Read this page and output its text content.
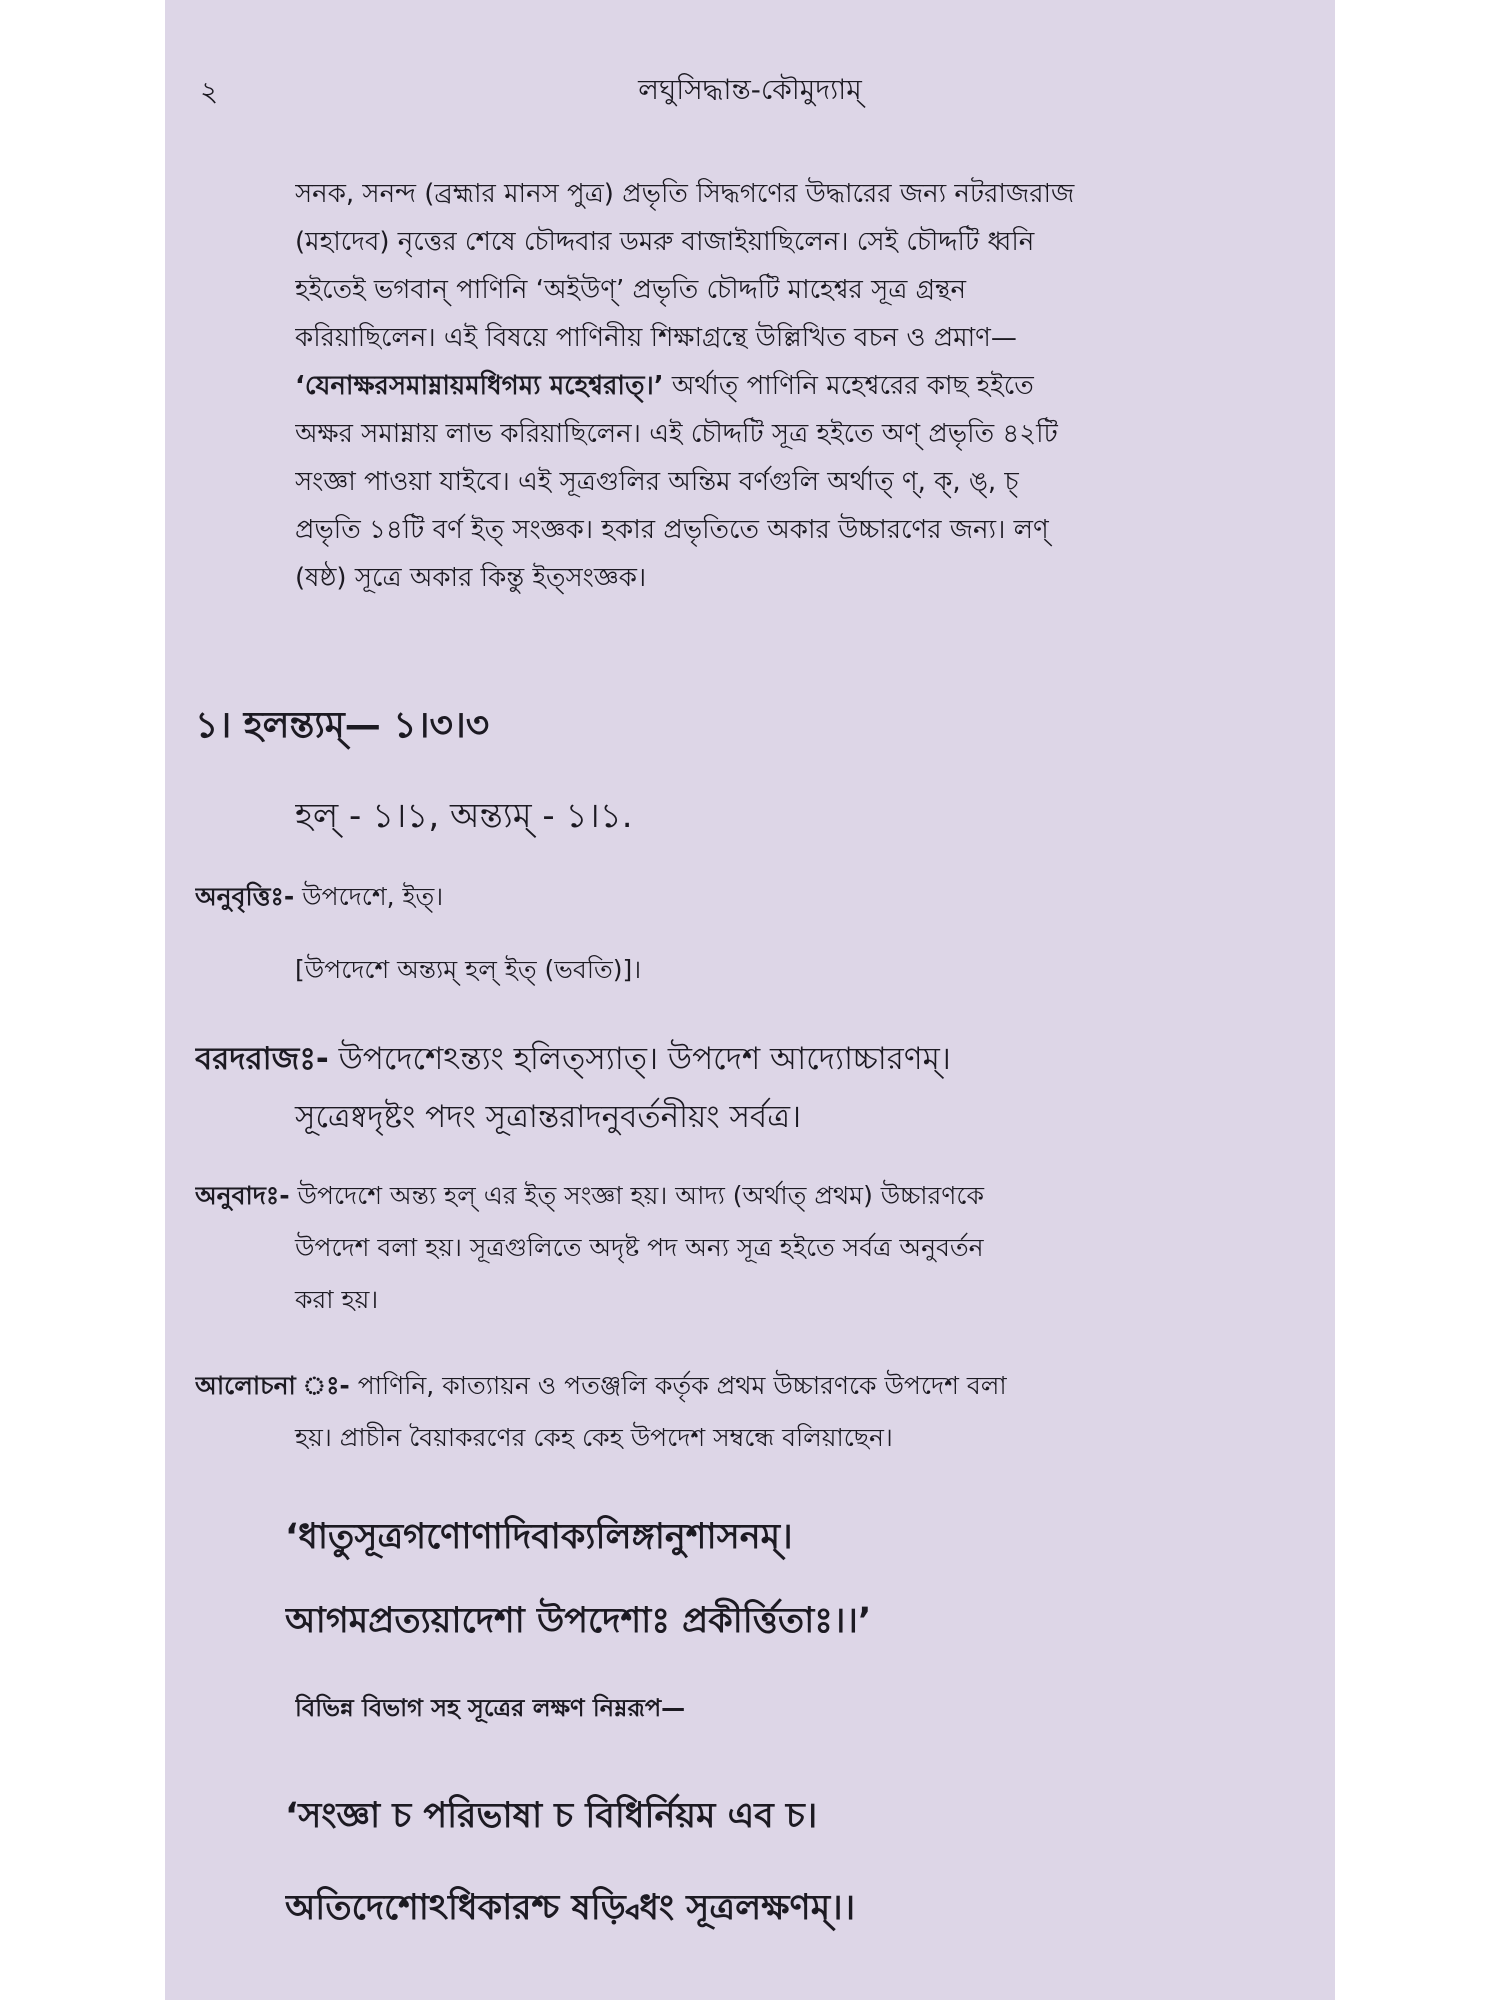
২	লঘুসিদ্ধান্ত-কৌমুদ্যাম্
সনক, সনন্দ (ব্রহ্মার মানস পুত্র) প্রভৃতি সিদ্ধগণের উদ্ধারের জন্য নটরাজরাজ
(মহাদেব) নৃত্তের শেষে চৌদ্দবার ডমরু বাজাইয়াছিলেন। সেই চৌদ্দটি ধ্বনি
হইতেই ভগবান্ পাণিনি ‘অইউণ্’ প্রভৃতি চৌদ্দটি মাহেশ্বর সূত্র গ্রন্থন
করিয়াছিলেন। এই বিষয়ে পাণিনীয় শিক্ষাগ্রন্থে উল্লিখিত বচন ও প্রমাণ—
‘যেনাক্ষরসমাম্নায়মধিগম্য মহেশ্বরাত্।’ অর্থাত্ পাণিনি মহেশ্বরের কাছ হইতে
অক্ষর সমাম্নায় লাভ করিয়াছিলেন। এই চৌদ্দটি সূত্র হইতে অণ্ প্রভৃতি ৪২টি
সংজ্ঞা পাওয়া যাইবে। এই সূত্রগুলির অন্তিম বর্ণগুলি অর্থাত্ ণ্, ক্, ঙ্, চ্
প্রভৃতি ১৪টি বর্ণ ইত্ সংজ্ঞক। হকার প্রভৃতিতে অকার উচ্চারণের জন্য। লণ্
(ষষ্ঠ) সূত্রে অকার কিন্তু ইত্সংজ্ঞক।
১। হলন্ত্যম্— ১।৩।৩
হল্ - ১।১, অন্ত্যম্ - ১।১.
অনুবৃত্তিঃ- উপদেশে, ইত্।
[উপদেশে অন্ত্যম্ হল্ ইত্ (ভবতি)]।
বরদরাজঃ- উপদেশেঽন্ত্যং হলিত্স্যাত্। উপদেশ আদ্যোচ্চারণম্।
সূত্রেষ্বদৃষ্টং পদং সূত্রান্তরাদনুবর্তনীয়ং সর্বত্র।
অনুবাদঃ- উপদেশে অন্ত্য হল্ এর ইত্ সংজ্ঞা হয়। আদ্য (অর্থাত্ প্রথম) উচ্চারণকে
উপদেশ বলা হয়। সূত্রগুলিতে অদৃষ্ট পদ অন্য সূত্র হইতে সর্বত্র অনুবর্তন
করা হয়।
আলোচনা ঃ- পাণিনি, কাত্যায়ন ও পতঞ্জলি কর্তৃক প্রথম উচ্চারণকে উপদেশ বলা
হয়। প্রাচীন বৈয়াকরণের কেহ কেহ উপদেশ সম্বন্ধে বলিয়াছেন।
‘ধাতুসূত্রগণোণাদিবাক্যলিঙ্গানুশাসনম্।
আগমপ্রত্যয়াদেশা উপদেশাঃ প্রকীর্ত্তিতাঃ।।’
বিভিন্ন বিভাগ সহ সূত্রের লক্ষণ নিম্নরূপ—
‘সংজ্ঞা চ পরিভাষা চ বিধির্নিয়ম এব চ।
অতিদেশোঽধিকারশ্চ ষড়্বিধং সূত্রলক্ষণম্।।
